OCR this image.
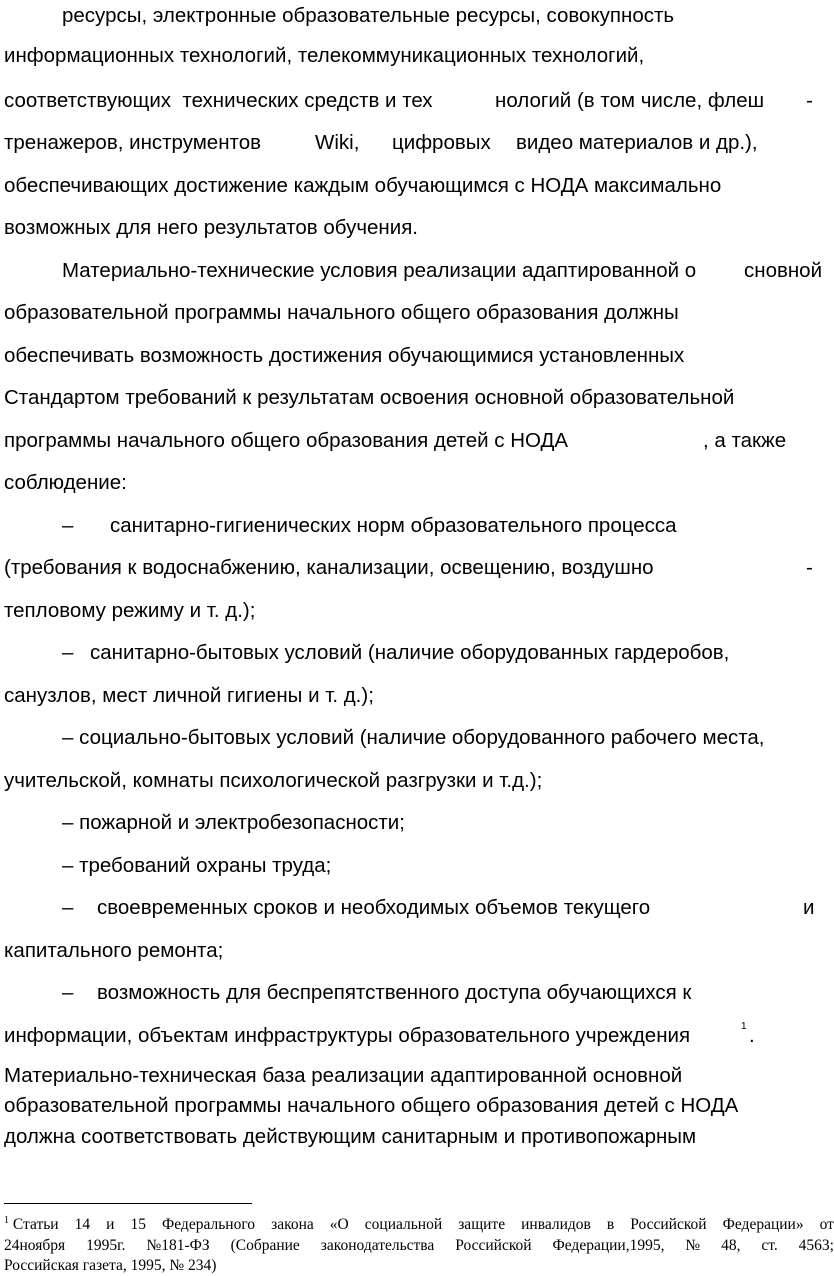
ресурсы, электронные образовательные ресурсы, совокупность
информационных технологий, телекоммуникационных технологий,
соответствующих  технических средств и тех	нологий (в том числе, флеш -
тренажеров, инструментов	Wiki, цифровых видео материалов и др.),
обеспечивающих достижение каждым обучающимся с НОДА максимально
возможных для него результатов обучения.
Материально-технические условия реализации адаптированной о сновной
образовательной программы начального общего образования должны
обеспечивать возможность достижения обучающимися установленных
Стандартом требований к результатам освоения основной образовательной
программы начального общего образования детей с НОДА	, а также
соблюдение:
– санитарно-гигиенических норм образовательного процесса
(требования к водоснабжению, канализации, освещению, воздушно	-
тепловому режиму и т. д.);
– санитарно-бытовых условий (наличие оборудованных гардеробов,
санузлов, мест личной гигиены и т. д.);
– социально-бытовых условий (наличие оборудованного рабочего места,
учительской, комнаты психологической разгрузки и т.д.);
– пожарной и электробезопасности;
– требований охраны труда;
– своевременных сроков и необходимых объемов текущего	и
капитального ремонта;
– возможность для беспрепятственного доступа обучающихся к
информации, объектам инфраструктуры образовательного учреждения	1 .
Материально-техническая база реализации адаптированной основной
образовательной программы начального общего образования детей с НОДА
должна соответствовать действующим санитарным и противопожарным
$^1$ Статьи 14 и 15 Федерального закона «О социальной защите инвалидов в Российской Федерации» от
24ноября 1995г. №181-ФЗ (Собрание законодательства Российской Федерации,1995, № 48, ст. 4563;
Российская газета, 1995, № 234)
